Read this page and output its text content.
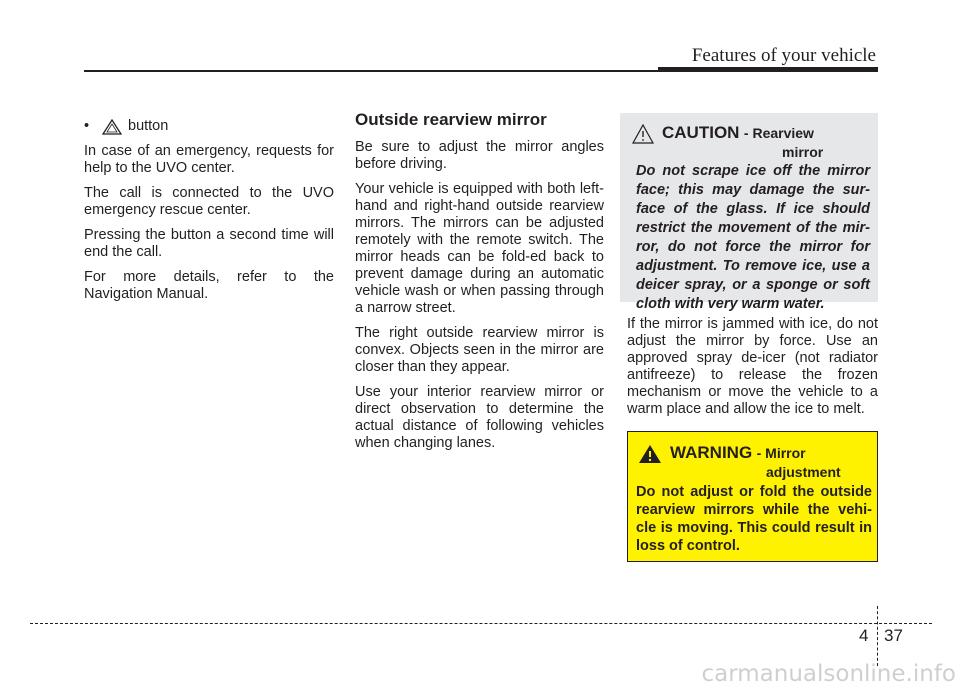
Features of your vehicle
•	button

In case of an emergency, requests for help to the UVO center.

The call is connected to the UVO emergency rescue center.

Pressing the button a second time will end the call.

For more details, refer to the Navigation Manual.

Outside rearview mirror

Be sure to adjust the mirror angles before driving.

Your vehicle is equipped with both left-hand and right-hand outside rearview mirrors. The mirrors can be adjusted remotely with the remote switch. The mirror heads can be fold-ed back to prevent damage during an automatic vehicle wash or when passing through a narrow street.

The right outside rearview mirror is convex. Objects seen in the mirror are closer than they appear.

Use your interior rearview mirror or direct observation to determine the actual distance of following vehicles when changing lanes.

CAUTION - Rearview
mirror
Do not scrape ice off the mirror face; this may damage the sur-face of the glass. If ice should restrict the movement of the mir-ror, do not force the mirror for adjustment. To remove ice, use a deicer spray, or a sponge or soft cloth with very warm water.

If the mirror is jammed with ice, do not adjust the mirror by force. Use an approved spray de-icer (not radiator antifreeze) to release the frozen mechanism or move the vehicle to a warm place and allow the ice to melt.

WARNING - Mirror
adjustment
Do not adjust or fold the outside rearview mirrors while the vehi-cle is moving. This could result in loss of control.
4 37
carmanualsonline.info
